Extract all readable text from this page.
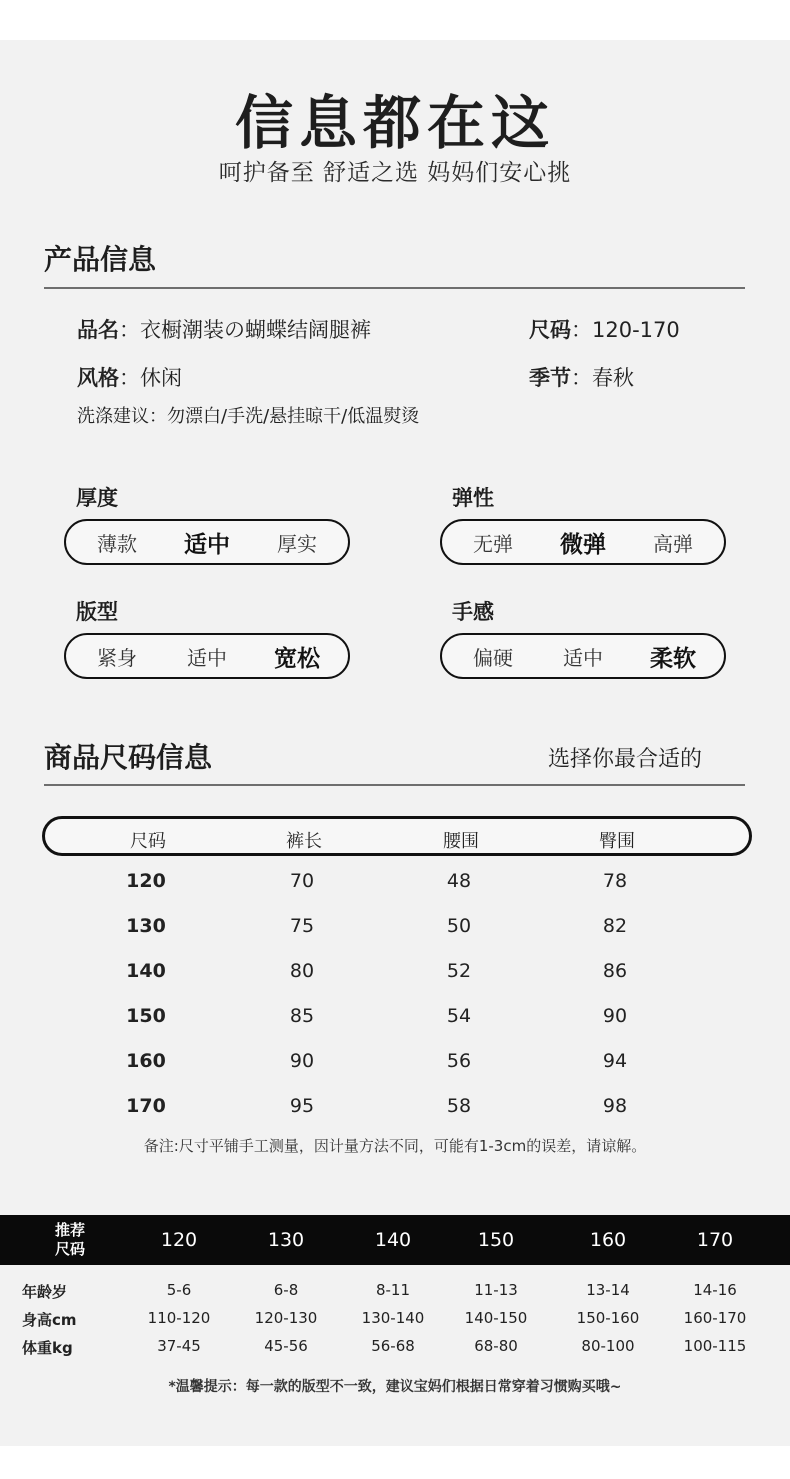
信息都在这
呵护备至 舒适之选 妈妈们安心挑
产品信息
品名：衣橱潮装の蝴蝶结阔腿裤	尺码：120-170
风格：休闲	季节：春秋
洗涤建议：勿漂白/手洗/悬挂晾干/低温熨烫
厚度
薄款	适中	厚实
弹性
无弹	微弹	高弹
版型
紧身	适中	宽松
手感
偏硬	适中	柔软
商品尺码信息	选择你最合适的
尺码	裤长	腰围	臀围
120	70	48	78
130	75	50	82
140	80	52	86
150	85	54	90
160	90	56	94
170	95	58	98
备注:尺寸平铺手工测量，因计量方法不同，可能有1-3cm的误差，请谅解。
推荐
尺码	120	130	140	150	160	170
年龄岁	5-6	6-8	8-11	11-13	13-14	14-16
身高cm	110-120	120-130	130-140	140-150	150-160	160-170
体重kg	37-45	45-56	56-68	68-80	80-100	100-115
*温馨提示：每一款的版型不一致，建议宝妈们根据日常穿着习惯购买哦~
